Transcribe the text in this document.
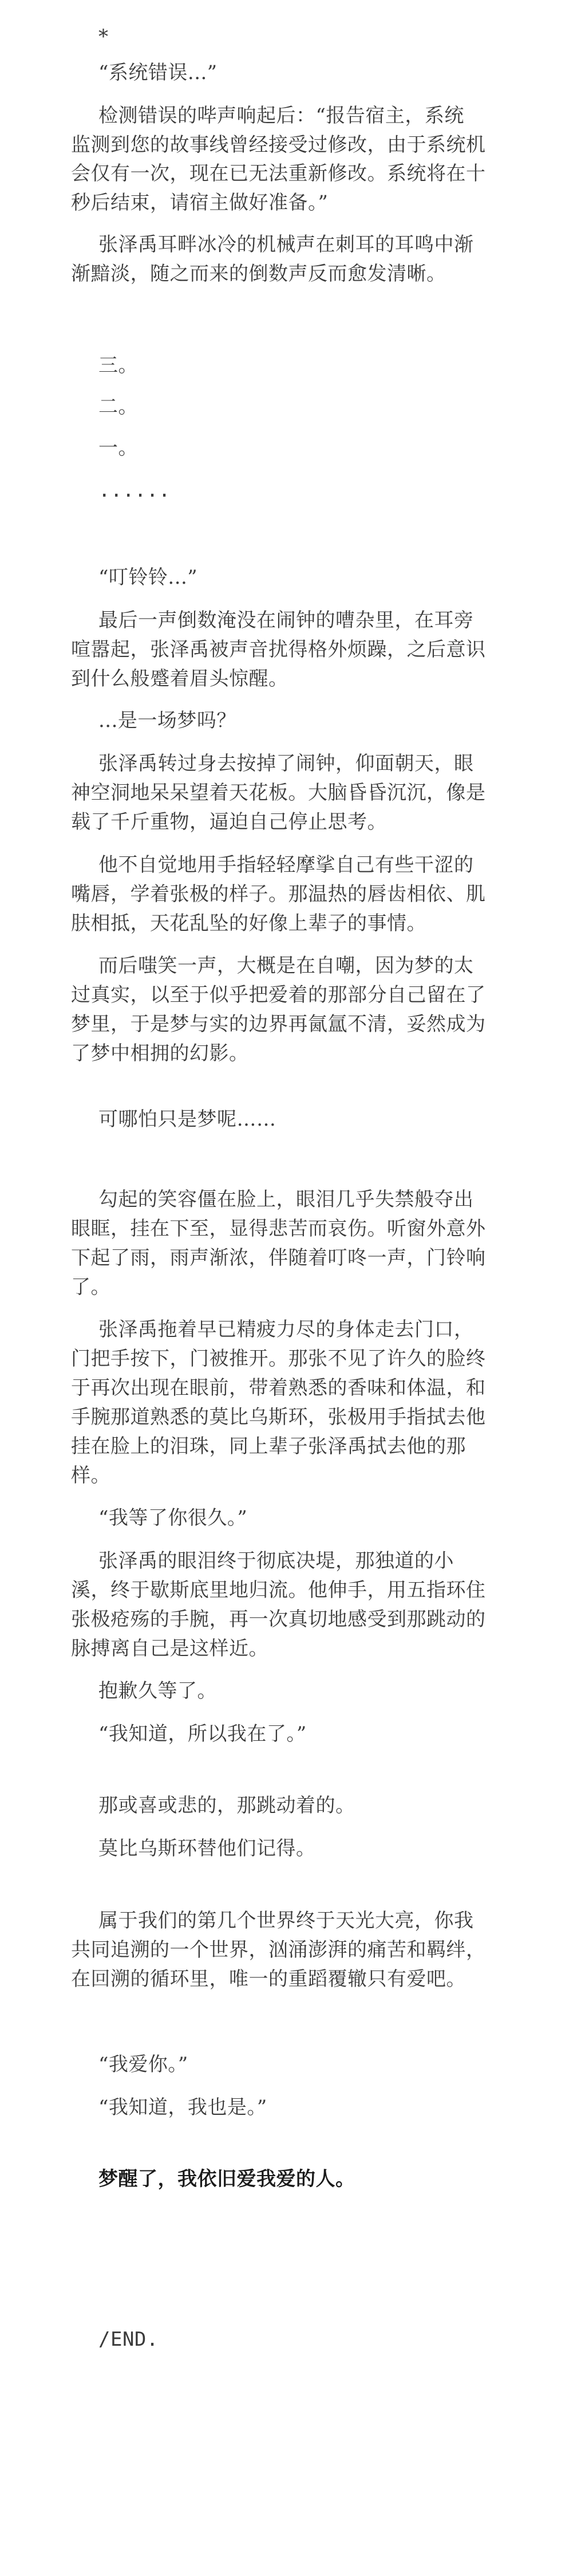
*
“系统错误...”
检测错误的哔声响起后：“报告宿主，系统
监测到您的故事线曾经接受过修改，由于系统机
会仅有一次，现在已无法重新修改。系统将在十
秒后结束，请宿主做好准备。”
张泽禹耳畔冰冷的机械声在刺耳的耳鸣中渐
渐黯淡，随之而来的倒数声反而愈发清晰。
三。
二。
一。
......
“叮铃铃...”
最后一声倒数淹没在闹钟的嘈杂里，在耳旁
喧嚣起，张泽禹被声音扰得格外烦躁，之后意识
到什么般蹙着眉头惊醒。
...是一场梦吗？
张泽禹转过身去按掉了闹钟，仰面朝天，眼
神空洞地呆呆望着天花板。大脑昏昏沉沉，像是
载了千斤重物，逼迫自己停止思考。
他不自觉地用手指轻轻摩挲自己有些干涩的
嘴唇，学着张极的样子。那温热的唇齿相依、肌
肤相抵，天花乱坠的好像上辈子的事情。
而后嗤笑一声，大概是在自嘲，因为梦的太
过真实，以至于似乎把爱着的那部分自己留在了
梦里，于是梦与实的边界再氤氲不清，妥然成为
了梦中相拥的幻影。
可哪怕只是梦呢……
勾起的笑容僵在脸上，眼泪几乎失禁般夺出
眼眶，挂在下至，显得悲苦而哀伤。听窗外意外
下起了雨，雨声渐浓，伴随着叮咚一声，门铃响
了。
张泽禹拖着早已精疲力尽的身体走去门口，
门把手按下，门被推开。那张不见了许久的脸终
于再次出现在眼前，带着熟悉的香味和体温，和
手腕那道熟悉的莫比乌斯环，张极用手指拭去他
挂在脸上的泪珠，同上辈子张泽禹拭去他的那
样。
“我等了你很久。”
张泽禹的眼泪终于彻底决堤，那独道的小
溪，终于歇斯底里地归流。他伸手，用五指环住
张极疮殇的手腕，再一次真切地感受到那跳动的
脉搏离自己是这样近。
抱歉久等了。
“我知道，所以我在了。”
那或喜或悲的，那跳动着的。
莫比乌斯环替他们记得。
属于我们的第几个世界终于天光大亮，你我
共同追溯的一个世界，汹涌澎湃的痛苦和羁绊，
在回溯的循环里，唯一的重蹈覆辙只有爱吧。
“我爱你。”
“我知道，我也是。”
梦醒了，我依旧爱我爱的人。
/END.
